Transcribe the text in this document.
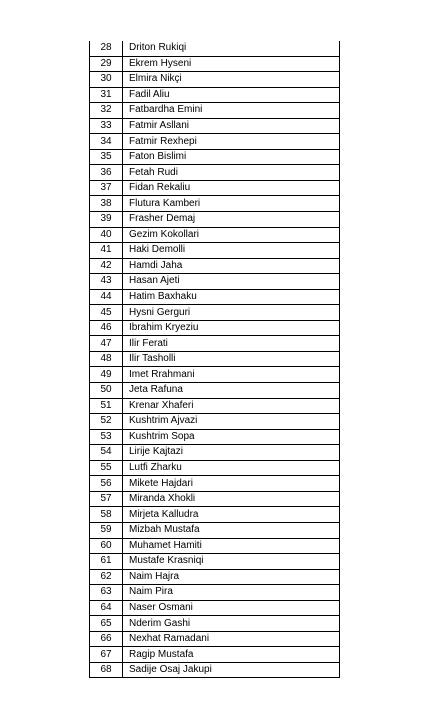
28	Driton Rukiqi
29	Ekrem Hyseni
30	Elmira Nikçi
31	Fadil Aliu
32	Fatbardha Emini
33	Fatmir Asllani
34	Fatmir Rexhepi
35	Faton Bislimi
36	Fetah Rudi
37	Fidan Rekaliu
38	Flutura Kamberi
39	Frasher Demaj
40	Gezim Kokollari
41	Haki Demolli
42	Hamdi Jaha
43	Hasan Ajeti
44	Hatim Baxhaku
45	Hysni Gerguri
46	Ibrahim Kryeziu
47	Ilir Ferati
48	Ilir Tasholli
49	Imet Rrahmani
50	Jeta Rafuna
51	Krenar Xhaferi
52	Kushtrim Ajvazi
53	Kushtrim Sopa
54	Lirije Kajtazi
55	Lutfi Zharku
56	Mikete Hajdari
57	Miranda Xhokli
58	Mirjeta Kalludra
59	Mizbah Mustafa
60	Muhamet Hamiti
61	Mustafe Krasniqi
62	Naim Hajra
63	Naim Pira
64	Naser Osmani
65	Nderim Gashi
66	Nexhat Ramadani
67	Ragip Mustafa
68	Sadije Osaj Jakupi
